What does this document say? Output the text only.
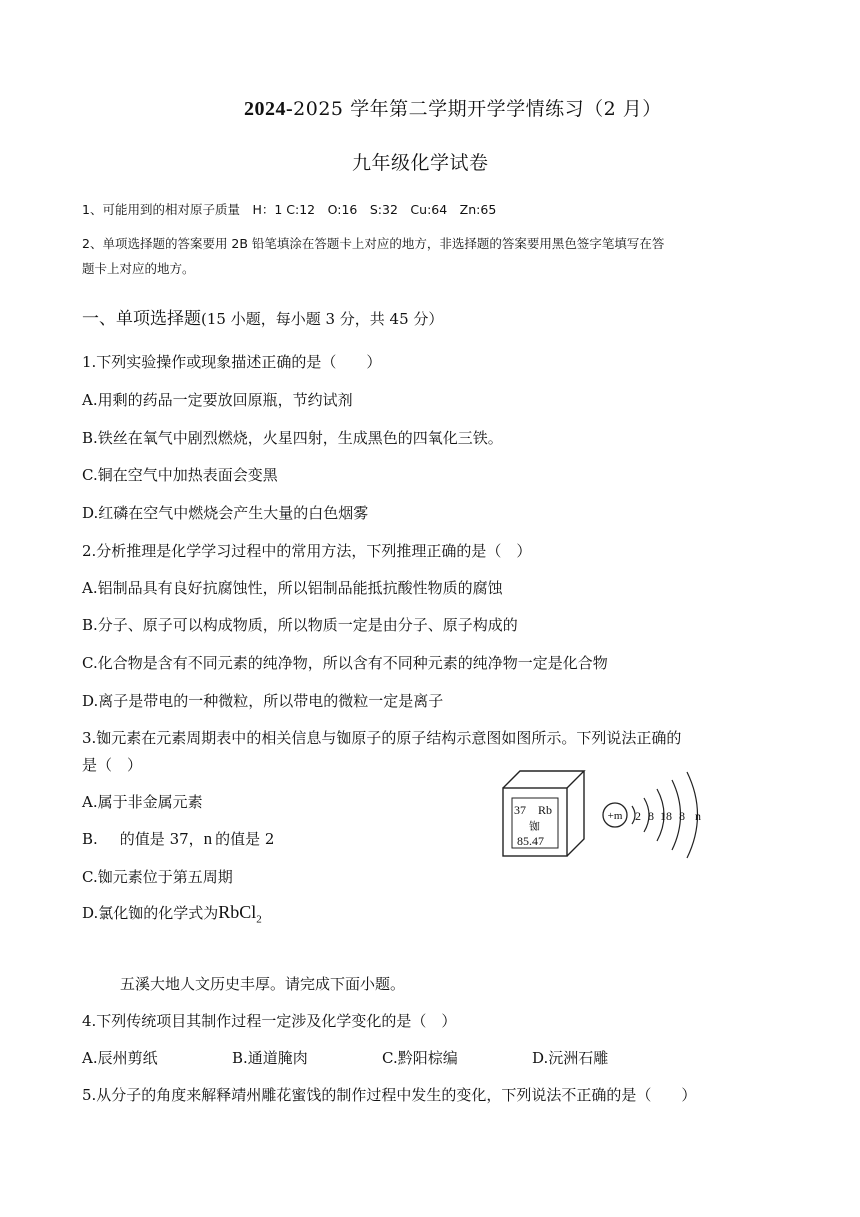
2024-2025 学年第二学期开学学情练习（2 月）
九年级化学试卷
1、可能用到的相对原子质量　H：1 C:12　O:16　S:32　Cu:64　Zn:65
2、单项选择题的答案要用 2B 铅笔填涂在答题卡上对应的地方，非选择题的答案要用黑色签字笔填写在答
题卡上对应的地方。
一、单项选择题(15 小题，每小题 3 分，共 45 分）
1.下列实验操作或现象描述正确的是（　　）
A.用剩的药品一定要放回原瓶，节约试剂
B.铁丝在氧气中剧烈燃烧，火星四射，生成黑色的四氧化三铁。
C.铜在空气中加热表面会变黑
D.红磷在空气中燃烧会产生大量的白色烟雾
2.分析推理是化学学习过程中的常用方法，下列推理正确的是（　）
A.铝制品具有良好抗腐蚀性，所以铝制品能抵抗酸性物质的腐蚀
B.分子、原子可以构成物质，所以物质一定是由分子、原子构成的
C.化合物是含有不同元素的纯净物，所以含有不同种元素的纯净物一定是化合物
D.离子是带电的一种微粒，所以带电的微粒一定是离子
3.铷元素在元素周期表中的相关信息与铷原子的原子结构示意图如图所示。下列说法正确的
是（　）
A.属于非金属元素
B. 的值是 37，n 的值是 2
C.铷元素位于第五周期
D.氯化铷的化学式为RbCl$_2$
37 Rb
铷
85.47
+m 2 8 18 8 n
五溪大地人文历史丰厚。请完成下面小题。
4.下列传统项目其制作过程一定涉及化学变化的是（　）
A.辰州剪纸	B.通道腌肉	C.黔阳棕编	D.沅洲石雕
5.从分子的角度来解释靖州雕花蜜饯的制作过程中发生的变化，下列说法不正确的是（　　）
